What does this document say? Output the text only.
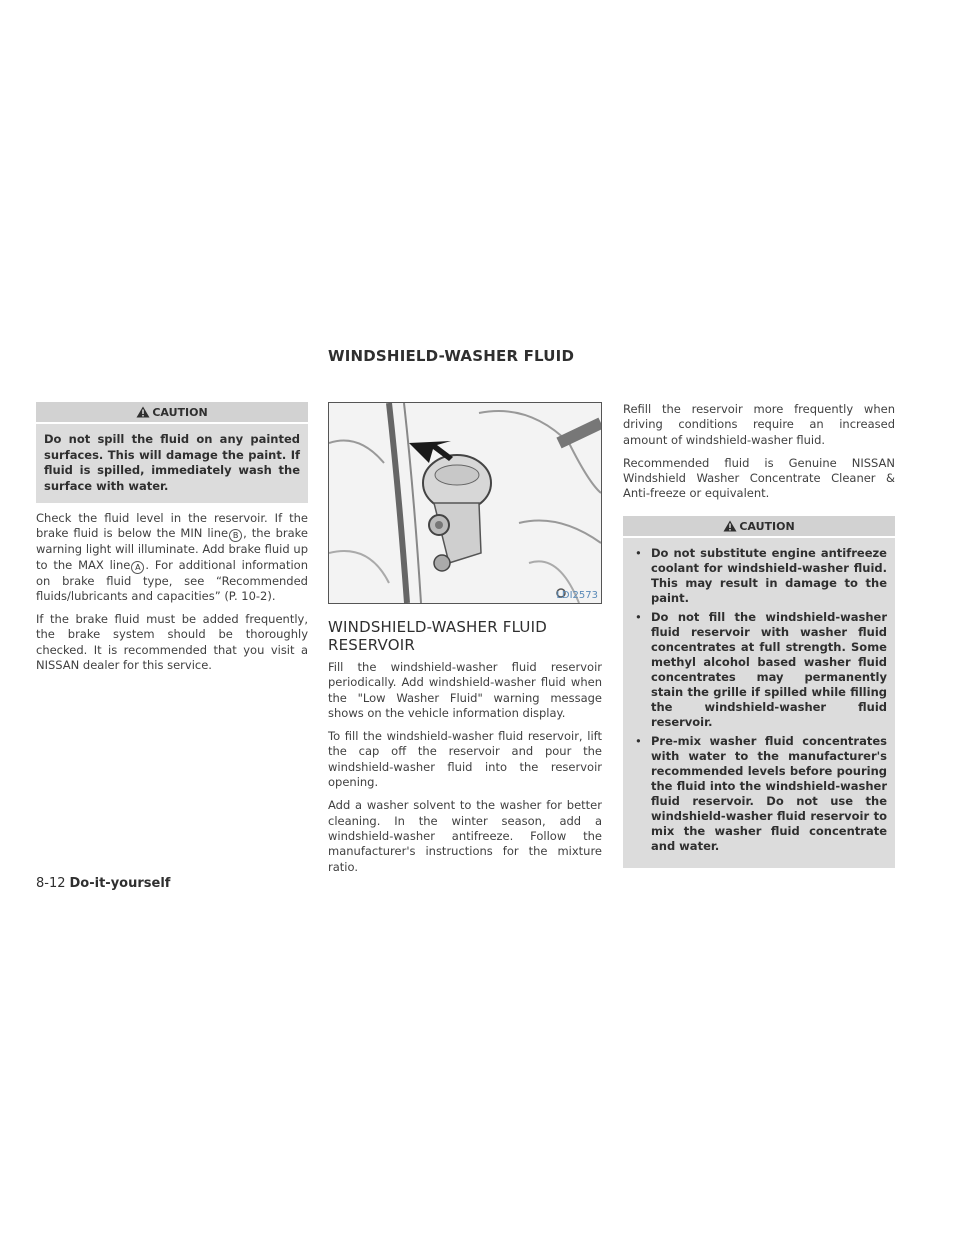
WINDSHIELD-WASHER FLUID
CAUTION
Do not spill the fluid on any painted surfaces. This will damage the paint. If fluid is spilled, immediately wash the surface with water.

Check the fluid level in the reservoir. If the brake fluid is below the MIN line B , the brake warning light will illuminate. Add brake fluid up to the MAX line A . For additional information on brake fluid type, see “Recommended fluids/lubricants and capacities” (P. 10-2).

If the brake fluid must be added frequently, the brake system should be thoroughly checked. It is recommended that you visit a NISSAN dealer for this service.

LDI2573
WINDSHIELD-WASHER FLUID RESERVOIR

Fill the windshield-washer fluid reservoir periodically. Add windshield-washer fluid when the "Low Washer Fluid" warning message shows on the vehicle information display.

To fill the windshield-washer fluid reservoir, lift the cap off the reservoir and pour the windshield-washer fluid into the reservoir opening.

Add a washer solvent to the washer for better cleaning. In the winter season, add a windshield-washer antifreeze. Follow the manufacturer's instructions for the mixture ratio.

Refill the reservoir more frequently when driving conditions require an increased amount of windshield-washer fluid.

Recommended fluid is Genuine NISSAN Windshield Washer Concentrate Cleaner & Anti-freeze or equivalent.

CAUTION
• Do not substitute engine antifreeze coolant for windshield-washer fluid. This may result in damage to the paint.
• Do not fill the windshield-washer fluid reservoir with washer fluid concentrates at full strength. Some methyl alcohol based washer fluid concentrates may permanently stain the grille if spilled while filling the windshield-washer fluid reservoir.
• Pre-mix washer fluid concentrates with water to the manufacturer's recommended levels before pouring the fluid into the windshield-washer fluid reservoir. Do not use the windshield-washer fluid reservoir to mix the washer fluid concentrate and water.
8-12 Do-it-yourself
